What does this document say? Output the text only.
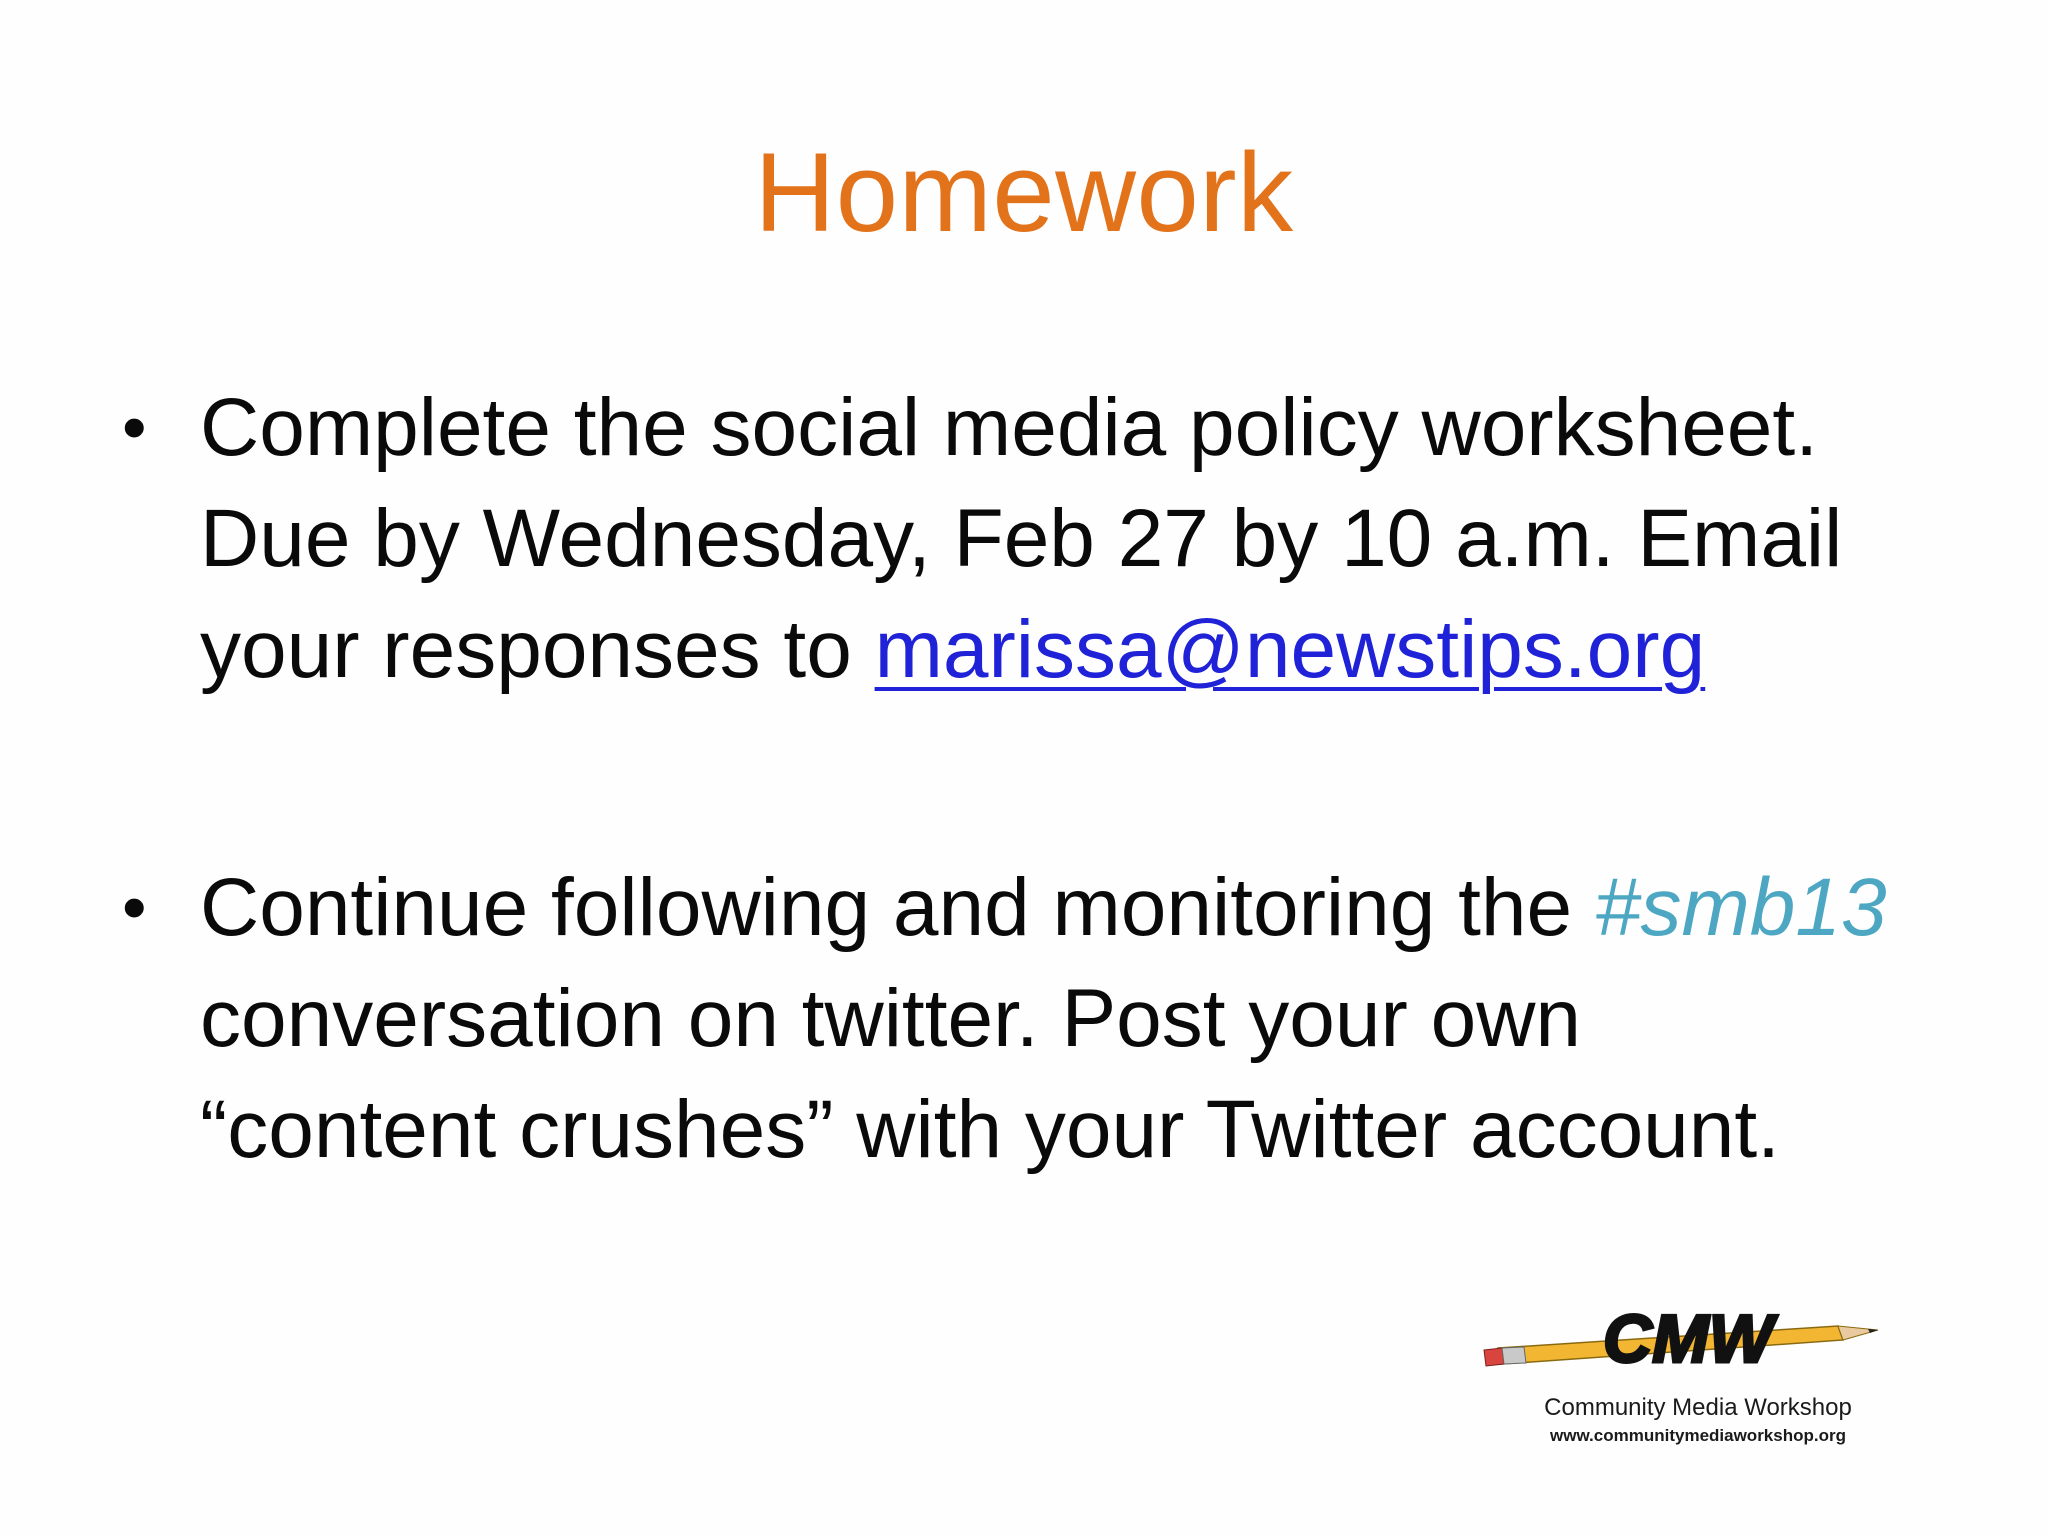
Homework
• Complete the social media policy worksheet. Due by Wednesday, Feb 27 by 10 a.m. Email your responses to marissa@newstips.org
• Continue following and monitoring the #smb13 conversation on twitter. Post your own “content crushes” with your Twitter account.
CMW
Community Media Workshop
www.communitymediaworkshop.org
